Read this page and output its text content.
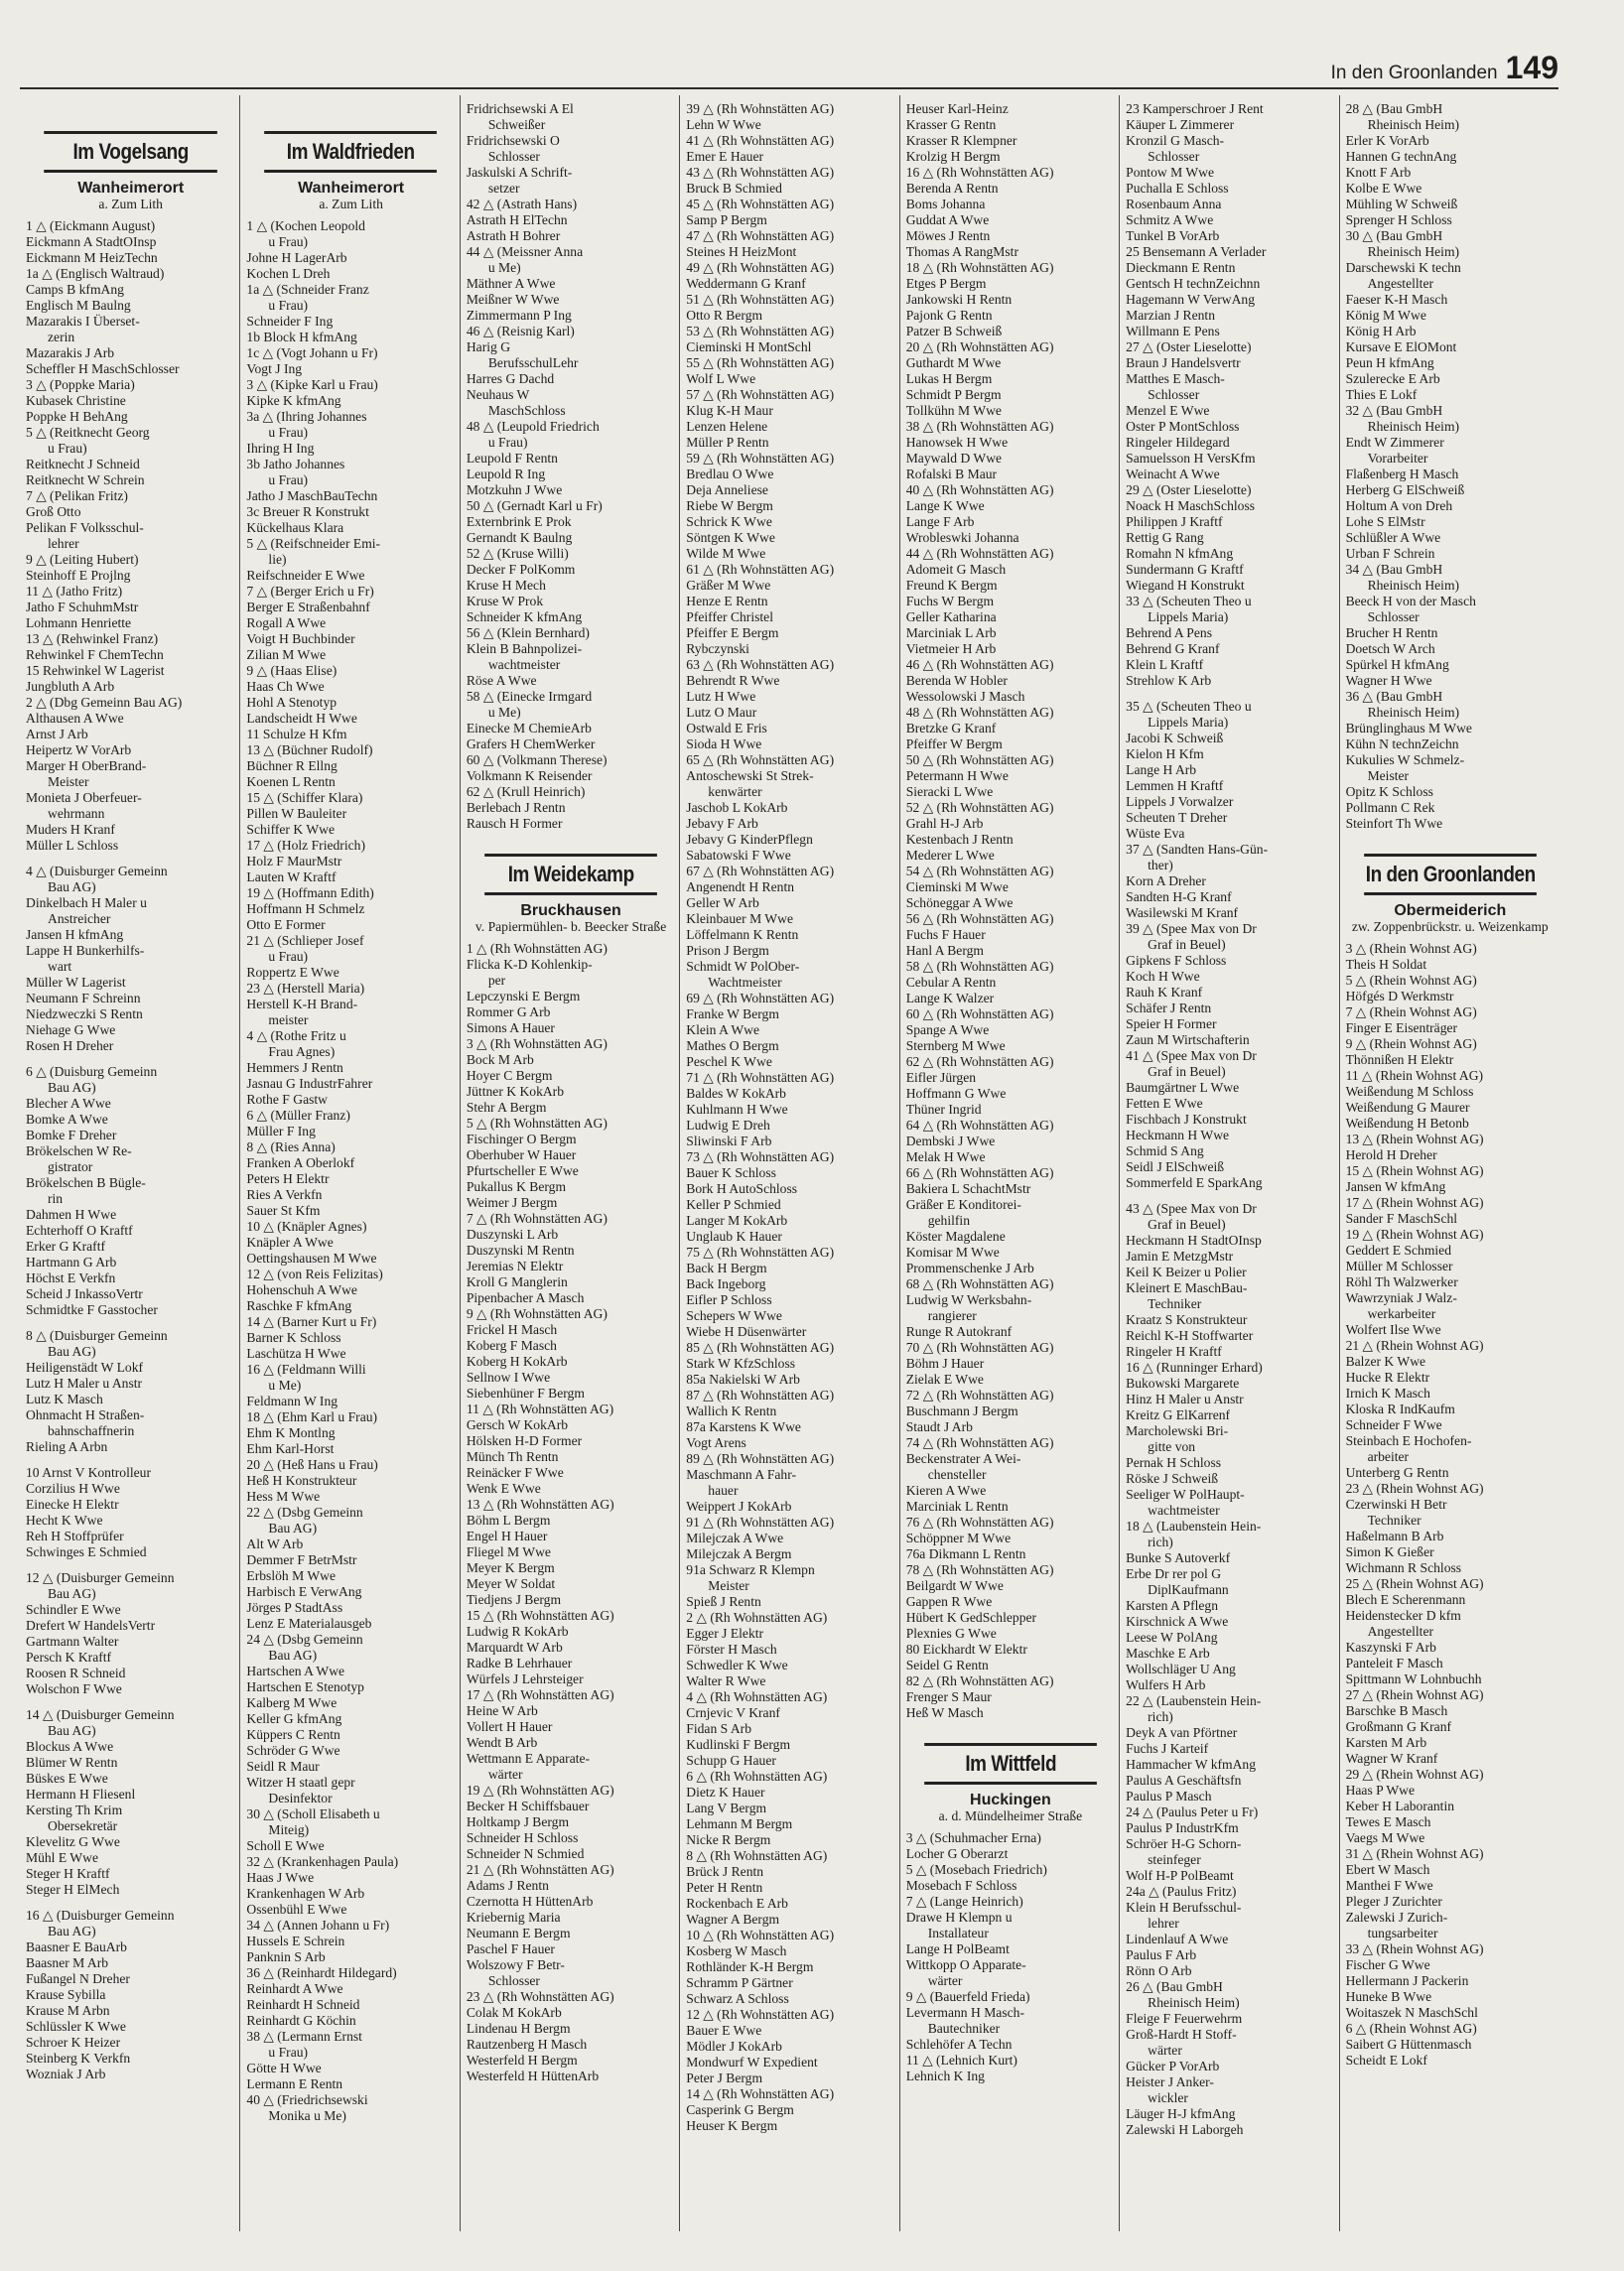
In den Groonlanden 149
Im Vogelsang
Wanheimerort
a. Zum Lith
1 △ (Eickmann August)
Eickmann A StadtOInsp
Eickmann M HeizTechn
1a △ (Englisch Waltraud)
Camps B kfmAng
Englisch M Baulng
Mazarakis I Überset-
zerin
Mazarakis J Arb
Scheffler H MaschSchlosser
3 △ (Poppke Maria)
Kubasek Christine
Poppke H BehAng
5 △ (Reitknecht Georg
u Frau)
Reitknecht J Schneid
Reitknecht W Schrein
7 △ (Pelikan Fritz)
Groß Otto
Pelikan F Volksschul-
lehrer
9 △ (Leiting Hubert)
Steinhoff E Projlng
11 △ (Jatho Fritz)
Jatho F SchuhmMstr
Lohmann Henriette
13 △ (Rehwinkel Franz)
Rehwinkel F ChemTechn
15 Rehwinkel W Lagerist
Jungbluth A Arb
2 △ (Dbg Gemeinn Bau AG)
Althausen A Wwe
Arnst J Arb
Heipertz W VorArb
Marger H OberBrand-
Meister
Monieta J Oberfeuer-
wehrmann
Muders H Kranf
Müller L Schloss
4 △ (Duisburger Gemeinn
Bau AG)
Dinkelbach H Maler u
Anstreicher
Jansen H kfmAng
Lappe H Bunkerhilfs-
wart
Müller W Lagerist
Neumann F Schreinn
Niedzweczki S Rentn
Niehage G Wwe
Rosen H Dreher
6 △ (Duisburg Gemeinn
Bau AG)
Blecher A Wwe
Bomke A Wwe
Bomke F Dreher
Brökelschen W Re-
gistrator
Brökelschen B Bügle-
rin
Dahmen H Wwe
Echterhoff O Kraftf
Erker G Kraftf
Hartmann G Arb
Höchst E Verkfn
Scheid J InkassoVertr
Schmidtke F Gasstocher
8 △ (Duisburger Gemeinn
Bau AG)
Heiligenstädt W Lokf
Lutz H Maler u Anstr
Lutz K Masch
Ohnmacht H Straßen-
bahnschaffnerin
Rieling A Arbn
10 Arnst V Kontrolleur
Corzilius H Wwe
Einecke H Elektr
Hecht K Wwe
Reh H Stoffprüfer
Schwinges E Schmied
12 △ (Duisburger Gemeinn
Bau AG)
Schindler E Wwe
Drefert W HandelsVertr
Gartmann Walter
Persch K Kraftf
Roosen R Schneid
Wolschon F Wwe
14 △ (Duisburger Gemeinn
Bau AG)
Blockus A Wwe
Blümer W Rentn
Büskes E Wwe
Hermann H Fliesenl
Kersting Th Krim
Obersekretär
Klevelitz G Wwe
Mühl E Wwe
Steger H Kraftf
Steger H ElMech
16 △ (Duisburger Gemeinn
Bau AG)
Baasner E BauArb
Baasner M Arb
Fußangel N Dreher
Krause Sybilla
Krause M Arbn
Schlüssler K Wwe
Schroer K Heizer
Steinberg K Verkfn
Wozniak J Arb
Im Waldfrieden
Wanheimerort
a. Zum Lith
1 △ (Kochen Leopold
u Frau)
Johne H LagerArb
Kochen L Dreh
1a △ (Schneider Franz
u Frau)
Schneider F Ing
1b Block H kfmAng
1c △ (Vogt Johann u Fr)
Vogt J Ing
3 △ (Kipke Karl u Frau)
Kipke K kfmAng
3a △ (Ihring Johannes
u Frau)
Ihring H Ing
3b Jatho Johannes
u Frau)
Jatho J MaschBauTechn
3c Breuer R Konstrukt
Kückelhaus Klara
5 △ (Reifschneider Emi-
lie)
Reifschneider E Wwe
7 △ (Berger Erich u Fr)
Berger E Straßenbahnf
Rogall A Wwe
Voigt H Buchbinder
Zilian M Wwe
9 △ (Haas Elise)
Haas Ch Wwe
Hohl A Stenotyp
Landscheidt H Wwe
11 Schulze H Kfm
13 △ (Büchner Rudolf)
Büchner R Ellng
Koenen L Rentn
15 △ (Schiffer Klara)
Pillen W Bauleiter
Schiffer K Wwe
17 △ (Holz Friedrich)
Holz F MaurMstr
Lauten W Kraftf
19 △ (Hoffmann Edith)
Hoffmann H Schmelz
Otto E Former
21 △ (Schlieper Josef
u Frau)
Roppertz E Wwe
23 △ (Herstell Maria)
Herstell K-H Brand-
meister
4 △ (Rothe Fritz u
Frau Agnes)
Hemmers J Rentn
Jasnau G IndustrFahrer
Rothe F Gastw
6 △ (Müller Franz)
Müller F Ing
8 △ (Ries Anna)
Franken A Oberlokf
Peters H Elektr
Ries A Verkfn
Sauer St Kfm
10 △ (Knäpler Agnes)
Knäpler A Wwe
Oettingshausen M Wwe
12 △ (von Reis Felizitas)
Hohenschuh A Wwe
Raschke F kfmAng
14 △ (Barner Kurt u Fr)
Barner K Schloss
Laschütza H Wwe
16 △ (Feldmann Willi
u Me)
Feldmann W Ing
18 △ (Ehm Karl u Frau)
Ehm K Montlng
Ehm Karl-Horst
20 △ (Heß Hans u Frau)
Heß H Konstrukteur
Hess M Wwe
22 △ (Dsbg Gemeinn
Bau AG)
Alt W Arb
Demmer F BetrMstr
Erbslöh M Wwe
Harbisch E VerwAng
Jörges P StadtAss
Lenz E Materialausgeb
24 △ (Dsbg Gemeinn
Bau AG)
Hartschen A Wwe
Hartschen E Stenotyp
Kalberg M Wwe
Keller G kfmAng
Küppers C Rentn
Schröder G Wwe
Seidl R Maur
Witzer H staatl gepr
Desinfektor
30 △ (Scholl Elisabeth u
Miteig)
Scholl E Wwe
32 △ (Krankenhagen Paula)
Haas J Wwe
Krankenhagen W Arb
Ossenbühl E Wwe
34 △ (Annen Johann u Fr)
Hussels E Schrein
Panknin S Arb
36 △ (Reinhardt Hildegard)
Reinhardt A Wwe
Reinhardt H Schneid
Reinhardt G Köchin
38 △ (Lermann Ernst
u Frau)
Götte H Wwe
Lermann E Rentn
40 △ (Friedrichsewski
Monika u Me)
Fridrichsewski A El
Schweißer
Fridrichsewski O
Schlosser
Jaskulski A Schrift-
setzer
42 △ (Astrath Hans)
Astrath H ElTechn
Astrath H Bohrer
44 △ (Meissner Anna
u Me)
Mäthner A Wwe
Meißner W Wwe
Zimmermann P Ing
46 △ (Reisnig Karl)
Harig G
BerufsschulLehr
Harres G Dachd
Neuhaus W
MaschSchloss
48 △ (Leupold Friedrich
u Frau)
Leupold F Rentn
Leupold R Ing
Motzkuhn J Wwe
50 △ (Gernadt Karl u Fr)
Externbrink E Prok
Gernandt K Baulng
52 △ (Kruse Willi)
Decker F PolKomm
Kruse H Mech
Kruse W Prok
Schneider K kfmAng
56 △ (Klein Bernhard)
Klein B Bahnpolizei-
wachtmeister
Röse A Wwe
58 △ (Einecke Irmgard
u Me)
Einecke M ChemieArb
Grafers H ChemWerker
60 △ (Volkmann Therese)
Volkmann K Reisender
62 △ (Krull Heinrich)
Berlebach J Rentn
Rausch H Former
Im Weidekamp
Bruckhausen
v. Papiermühlen- b. Beecker Straße
1 △ (Rh Wohnstätten AG)
Flicka K-D Kohlenkip-
per
Lepczynski E Bergm
Rommer G Arb
Simons A Hauer
3 △ (Rh Wohnstätten AG)
Bock M Arb
Hoyer C Bergm
Jüttner K KokArb
Stehr A Bergm
5 △ (Rh Wohnstätten AG)
Fischinger O Bergm
Oberhuber W Hauer
Pfurtscheller E Wwe
Pukallus K Bergm
Weimer J Bergm
7 △ (Rh Wohnstätten AG)
Duszynski L Arb
Duszynski M Rentn
Jeremias N Elektr
Kroll G Manglerin
Pipenbacher A Masch
9 △ (Rh Wohnstätten AG)
Frickel H Masch
Koberg F Masch
Koberg H KokArb
Sellnow I Wwe
Siebenhüner F Bergm
11 △ (Rh Wohnstätten AG)
Gersch W KokArb
Hölsken H-D Former
Münch Th Rentn
Reinäcker F Wwe
Wenk E Wwe
13 △ (Rh Wohnstätten AG)
Böhm L Bergm
Engel H Hauer
Fliegel M Wwe
Meyer K Bergm
Meyer W Soldat
Tiedjens J Bergm
15 △ (Rh Wohnstätten AG)
Ludwig R KokArb
Marquardt W Arb
Radke B Lehrhauer
Würfels J Lehrsteiger
17 △ (Rh Wohnstätten AG)
Heine W Arb
Vollert H Hauer
Wendt B Arb
Wettmann E Apparate-
wärter
19 △ (Rh Wohnstätten AG)
Becker H Schiffsbauer
Holtkamp J Bergm
Schneider H Schloss
Schneider N Schmied
21 △ (Rh Wohnstätten AG)
Adams J Rentn
Czernotta H HüttenArb
Kriebernig Maria
Neumann E Bergm
Paschel F Hauer
Wolszowy F Betr-
Schlosser
23 △ (Rh Wohnstätten AG)
Colak M KokArb
Lindenau H Bergm
Rautzenberg H Masch
Westerfeld H Bergm
Westerfeld H HüttenArb
39 △ (Rh Wohnstätten AG)
Lehn W Wwe
41 △ (Rh Wohnstätten AG)
Emer E Hauer
43 △ (Rh Wohnstätten AG)
Bruck B Schmied
45 △ (Rh Wohnstätten AG)
Samp P Bergm
47 △ (Rh Wohnstätten AG)
Steines H HeizMont
49 △ (Rh Wohnstätten AG)
Weddermann G Kranf
51 △ (Rh Wohnstätten AG)
Otto R Bergm
53 △ (Rh Wohnstätten AG)
Cieminski H MontSchl
55 △ (Rh Wohnstätten AG)
Wolf L Wwe
57 △ (Rh Wohnstätten AG)
Klug K-H Maur
Lenzen Helene
Müller P Rentn
59 △ (Rh Wohnstätten AG)
Bredlau O Wwe
Deja Anneliese
Riebe W Bergm
Schrick K Wwe
Söntgen K Wwe
Wilde M Wwe
61 △ (Rh Wohnstätten AG)
Gräßer M Wwe
Henze E Rentn
Pfeiffer Christel
Pfeiffer E Bergm
Rybczynski
63 △ (Rh Wohnstätten AG)
Behrendt R Wwe
Lutz H Wwe
Lutz O Maur
Ostwald E Fris
Sioda H Wwe
65 △ (Rh Wohnstätten AG)
Antoschewski St Strek-
kenwärter
Jaschob L KokArb
Jebavy F Arb
Jebavy G KinderPflegn
Sabatowski F Wwe
67 △ (Rh Wohnstätten AG)
Angenendt H Rentn
Geller W Arb
Kleinbauer M Wwe
Löffelmann K Rentn
Prison J Bergm
Schmidt W PolOber-
Wachtmeister
69 △ (Rh Wohnstätten AG)
Franke W Bergm
Klein A Wwe
Mathes O Bergm
Peschel K Wwe
71 △ (Rh Wohnstätten AG)
Baldes W KokArb
Kuhlmann H Wwe
Ludwig E Dreh
Sliwinski F Arb
73 △ (Rh Wohnstätten AG)
Bauer K Schloss
Bork H AutoSchloss
Keller P Schmied
Langer M KokArb
Unglaub K Hauer
75 △ (Rh Wohnstätten AG)
Back H Bergm
Back Ingeborg
Eifler P Schloss
Schepers W Wwe
Wiebe H Düsenwärter
85 △ (Rh Wohnstätten AG)
Stark W KfzSchloss
85a Nakielski W Arb
87 △ (Rh Wohnstätten AG)
Wallich K Rentn
87a Karstens K Wwe
Vogt Arens
89 △ (Rh Wohnstätten AG)
Maschmann A Fahr-
hauer
Weippert J KokArb
91 △ (Rh Wohnstätten AG)
Milejczak A Wwe
Milejczak A Bergm
91a Schwarz R Klempn
Meister
Spieß J Rentn
2 △ (Rh Wohnstätten AG)
Egger J Elektr
Förster H Masch
Schwedler K Wwe
Walter R Wwe
4 △ (Rh Wohnstätten AG)
Crnjevic V Kranf
Fidan S Arb
Kudlinski F Bergm
Schupp G Hauer
6 △ (Rh Wohnstätten AG)
Dietz K Hauer
Lang V Bergm
Lehmann M Bergm
Nicke R Bergm
8 △ (Rh Wohnstätten AG)
Brück J Rentn
Peter H Rentn
Rockenbach E Arb
Wagner A Bergm
10 △ (Rh Wohnstätten AG)
Kosberg W Masch
Rothländer K-H Bergm
Schramm P Gärtner
Schwarz A Schloss
12 △ (Rh Wohnstätten AG)
Bauer E Wwe
Mödler J KokArb
Mondwurf W Expedient
Peter J Bergm
14 △ (Rh Wohnstätten AG)
Casperink G Bergm
Heuser K Bergm
Heuser Karl-Heinz
Krasser G Rentn
Krasser R Klempner
Krolzig H Bergm
16 △ (Rh Wohnstätten AG)
Berenda A Rentn
Boms Johanna
Guddat A Wwe
Möwes J Rentn
Thomas A RangMstr
18 △ (Rh Wohnstätten AG)
Etges P Bergm
Jankowski H Rentn
Pajonk G Rentn
Patzer B Schweiß
20 △ (Rh Wohnstätten AG)
Guthardt M Wwe
Lukas H Bergm
Schmidt P Bergm
Tollkühn M Wwe
38 △ (Rh Wohnstätten AG)
Hanowsek H Wwe
Maywald D Wwe
Rofalski B Maur
40 △ (Rh Wohnstätten AG)
Lange K Wwe
Lange F Arb
Wrobleswki Johanna
44 △ (Rh Wohnstätten AG)
Adomeit G Masch
Freund K Bergm
Fuchs W Bergm
Geller Katharina
Marciniak L Arb
Vietmeier H Arb
46 △ (Rh Wohnstätten AG)
Berenda W Hobler
Wessolowski J Masch
48 △ (Rh Wohnstätten AG)
Bretzke G Kranf
Pfeiffer W Bergm
50 △ (Rh Wohnstätten AG)
Petermann H Wwe
Sieracki L Wwe
52 △ (Rh Wohnstätten AG)
Grahl H-J Arb
Kestenbach J Rentn
Mederer L Wwe
54 △ (Rh Wohnstätten AG)
Cieminski M Wwe
Schöneggar A Wwe
56 △ (Rh Wohnstätten AG)
Fuchs F Hauer
Hanl A Bergm
58 △ (Rh Wohnstätten AG)
Cebular A Rentn
Lange K Walzer
60 △ (Rh Wohnstätten AG)
Spange A Wwe
Sternberg M Wwe
62 △ (Rh Wohnstätten AG)
Eifler Jürgen
Hoffmann G Wwe
Thüner Ingrid
64 △ (Rh Wohnstätten AG)
Dembski J Wwe
Melak H Wwe
66 △ (Rh Wohnstätten AG)
Bakiera L SchachtMstr
Gräßer E Konditorei-
gehilfin
Köster Magdalene
Komisar M Wwe
Prommenschenke J Arb
68 △ (Rh Wohnstätten AG)
Ludwig W Werksbahn-
rangierer
Runge R Autokranf
70 △ (Rh Wohnstätten AG)
Böhm J Hauer
Zielak E Wwe
72 △ (Rh Wohnstätten AG)
Buschmann J Bergm
Staudt J Arb
74 △ (Rh Wohnstätten AG)
Beckenstrater A Wei-
chensteller
Kieren A Wwe
Marciniak L Rentn
76 △ (Rh Wohnstätten AG)
Schöppner M Wwe
76a Dikmann L Rentn
78 △ (Rh Wohnstätten AG)
Beilgardt W Wwe
Gappen R Wwe
Hübert K GedSchlepper
Plexnies G Wwe
80 Eickhardt W Elektr
Seidel G Rentn
82 △ (Rh Wohnstätten AG)
Frenger S Maur
Heß W Masch
Im Wittfeld
Huckingen
a. d. Mündelheimer Straße
3 △ (Schuhmacher Erna)
Locher G Oberarzt
5 △ (Mosebach Friedrich)
Mosebach F Schloss
7 △ (Lange Heinrich)
Drawe H Klempn u
Installateur
Lange H PolBeamt
Wittkopp O Apparate-
wärter
9 △ (Bauerfeld Frieda)
Levermann H Masch-
Bautechniker
Schlehöfer A Techn
11 △ (Lehnich Kurt)
Lehnich K Ing
23 Kamperschroer J Rent
Käuper L Zimmerer
Kronzil G Masch-
Schlosser
Pontow M Wwe
Puchalla E Schloss
Rosenbaum Anna
Schmitz A Wwe
Tunkel B VorArb
25 Bensemann A Verlader
Dieckmann E Rentn
Gentsch H technZeichnn
Hagemann W VerwAng
Marzian J Rentn
Willmann E Pens
27 △ (Oster Lieselotte)
Braun J Handelsvertr
Matthes E Masch-
Schlosser
Menzel E Wwe
Oster P MontSchloss
Ringeler Hildegard
Samuelsson H VersKfm
Weinacht A Wwe
29 △ (Oster Lieselotte)
Noack H MaschSchloss
Philippen J Kraftf
Rettig G Rang
Romahn N kfmAng
Sundermann G Kraftf
Wiegand H Konstrukt
33 △ (Scheuten Theo u
Lippels Maria)
Behrend A Pens
Behrend G Kranf
Klein L Kraftf
Strehlow K Arb
35 △ (Scheuten Theo u
Lippels Maria)
Jacobi K Schweiß
Kielon H Kfm
Lange H Arb
Lemmen H Kraftf
Lippels J Vorwalzer
Scheuten T Dreher
Wüste Eva
37 △ (Sandten Hans-Gün-
ther)
Korn A Dreher
Sandten H-G Kranf
Wasilewski M Kranf
39 △ (Spee Max von Dr
Graf in Beuel)
Gipkens F Schloss
Koch H Wwe
Rauh K Kranf
Schäfer J Rentn
Speier H Former
Zaun M Wirtschafterin
41 △ (Spee Max von Dr
Graf in Beuel)
Baumgärtner L Wwe
Fetten E Wwe
Fischbach J Konstrukt
Heckmann H Wwe
Schmid S Ang
Seidl J ElSchweiß
Sommerfeld E SparkAng
43 △ (Spee Max von Dr
Graf in Beuel)
Heckmann H StadtOInsp
Jamin E MetzgMstr
Keil K Beizer u Polier
Kleinert E MaschBau-
Techniker
Kraatz S Konstrukteur
Reichl K-H Stoffwarter
Ringeler H Kraftf
16 △ (Runninger Erhard)
Bukowski Margarete
Hinz H Maler u Anstr
Kreitz G ElKarrenf
Marcholewski Bri-
gitte von
Pernak H Schloss
Röske J Schweiß
Seeliger W PolHaupt-
wachtmeister
18 △ (Laubenstein Hein-
rich)
Bunke S Autoverkf
Erbe Dr rer pol G
DiplKaufmann
Karsten A Pflegn
Kirschnick A Wwe
Leese W PolAng
Maschke E Arb
Wollschläger U Ang
Wulfers H Arb
22 △ (Laubenstein Hein-
rich)
Deyk A van Pförtner
Fuchs J Karteif
Hammacher W kfmAng
Paulus A Geschäftsfn
Paulus P Masch
24 △ (Paulus Peter u Fr)
Paulus P IndustrKfm
Schröer H-G Schorn-
steinfeger
Wolf H-P PolBeamt
24a △ (Paulus Fritz)
Klein H Berufsschul-
lehrer
Lindenlauf A Wwe
Paulus F Arb
Rönn O Arb
26 △ (Bau GmbH
Rheinisch Heim)
Fleige F Feuerwehrm
Groß-Hardt H Stoff-
wärter
Gücker P VorArb
Heister J Anker-
wickler
Läuger H-J kfmAng
Zalewski H Laborgeh
28 △ (Bau GmbH
Rheinisch Heim)
Erler K VorArb
Hannen G technAng
Knott F Arb
Kolbe E Wwe
Mühling W Schweiß
Sprenger H Schloss
30 △ (Bau GmbH
Rheinisch Heim)
Darschewski K techn
Angestellter
Faeser K-H Masch
König M Wwe
König H Arb
Kursave E ElOMont
Peun H kfmAng
Szulerecke E Arb
Thies E Lokf
32 △ (Bau GmbH
Rheinisch Heim)
Endt W Zimmerer
Vorarbeiter
Flaßenberg H Masch
Herberg G ElSchweiß
Holtum A von Dreh
Lohe S ElMstr
Schlüßler A Wwe
Urban F Schrein
34 △ (Bau GmbH
Rheinisch Heim)
Beeck H von der Masch
Schlosser
Brucher H Rentn
Doetsch W Arch
Spürkel H kfmAng
Wagner H Wwe
36 △ (Bau GmbH
Rheinisch Heim)
Brünglinghaus M Wwe
Kühn N technZeichn
Kukulies W Schmelz-
Meister
Opitz K Schloss
Pollmann C Rek
Steinfort Th Wwe
In den Groonlanden
Obermeiderich
zw. Zoppenbrückstr. u. Weizenkamp
3 △ (Rhein Wohnst AG)
Theis H Soldat
5 △ (Rhein Wohnst AG)
Höfgés D Werkmstr
7 △ (Rhein Wohnst AG)
Finger E Eisenträger
9 △ (Rhein Wohnst AG)
Thönnißen H Elektr
11 △ (Rhein Wohnst AG)
Weißendung M Schloss
Weißendung G Maurer
Weißendung H Betonb
13 △ (Rhein Wohnst AG)
Herold H Dreher
15 △ (Rhein Wohnst AG)
Jansen W kfmAng
17 △ (Rhein Wohnst AG)
Sander F MaschSchl
19 △ (Rhein Wohnst AG)
Geddert E Schmied
Müller M Schlosser
Röhl Th Walzwerker
Wawrzyniak J Walz-
werkarbeiter
Wolfert Ilse Wwe
21 △ (Rhein Wohnst AG)
Balzer K Wwe
Hucke R Elektr
Irnich K Masch
Kloska R IndKaufm
Schneider F Wwe
Steinbach E Hochofen-
arbeiter
Unterberg G Rentn
23 △ (Rhein Wohnst AG)
Czerwinski H Betr
Techniker
Haßelmann B Arb
Simon K Gießer
Wichmann R Schloss
25 △ (Rhein Wohnst AG)
Blech E Scherenmann
Heidenstecker D kfm
Angestellter
Kaszynski F Arb
Panteleit F Masch
Spittmann W Lohnbuchh
27 △ (Rhein Wohnst AG)
Barschke B Masch
Großmann G Kranf
Karsten M Arb
Wagner W Kranf
29 △ (Rhein Wohnst AG)
Haas P Wwe
Keber H Laborantin
Tewes E Masch
Vaegs M Wwe
31 △ (Rhein Wohnst AG)
Ebert W Masch
Manthei F Wwe
Pleger J Zurichter
Zalewski J Zurich-
tungsarbeiter
33 △ (Rhein Wohnst AG)
Fischer G Wwe
Hellermann J Packerin
Huneke B Wwe
Woitaszek N MaschSchl
6 △ (Rhein Wohnst AG)
Saibert G Hüttenmasch
Scheidt E Lokf
